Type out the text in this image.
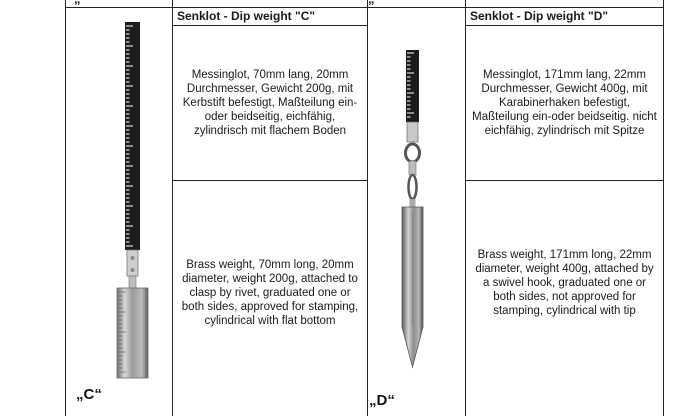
Senklot - Dip weight "C"
Messinglot, 70mm lang, 20mm Durchmesser, Gewicht 200g, mit Kerbstift befestigt, Maßteilung ein- oder beidseitig, eichfähig, zylindrisch mit flachem Boden
Brass weight, 70mm long, 20mm diameter, weight 200g, attached to clasp by rivet, graduated one or both sides, approved for stamping, cylindrical with flat bottom
Senklot - Dip weight "D"
Messinglot, 171mm lang, 22mm Durchmesser, Gewicht 400g, mit Karabinerhaken befestigt, Maßteilung ein-oder beidseitig. nicht eichfähig, zylindrisch mit Spitze
Brass weight, 171mm long, 22mm diameter, weight 400g, attached by a swivel hook, graduated one or both sides, not approved for stamping, cylindrical with tip
„C“	„D“
